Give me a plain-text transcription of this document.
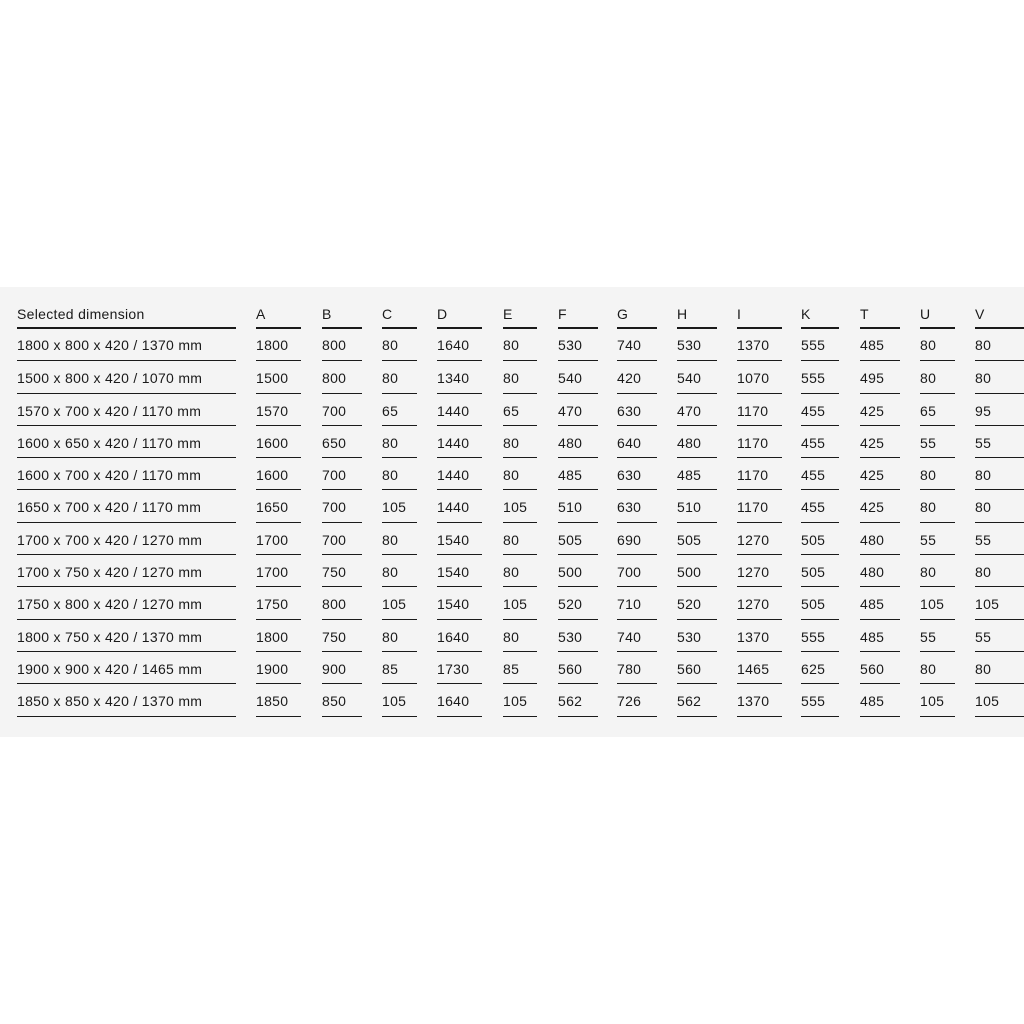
Selected dimension	A	B	C	D	E	F	G	H	I	K	T	U	V
1800 x 800 x 420 / 1370 mm	1800	800	80	1640	80	530	740	530	1370	555	485	80	80
1500 x 800 x 420 / 1070 mm	1500	800	80	1340	80	540	420	540	1070	555	495	80	80
1570 x 700 x 420 / 1170 mm	1570	700	65	1440	65	470	630	470	1170	455	425	65	95
1600 x 650 x 420 / 1170 mm	1600	650	80	1440	80	480	640	480	1170	455	425	55	55
1600 x 700 x 420 / 1170 mm	1600	700	80	1440	80	485	630	485	1170	455	425	80	80
1650 x 700 x 420 / 1170 mm	1650	700	105	1440	105	510	630	510	1170	455	425	80	80
1700 x 700 x 420 / 1270 mm	1700	700	80	1540	80	505	690	505	1270	505	480	55	55
1700 x 750 x 420 / 1270 mm	1700	750	80	1540	80	500	700	500	1270	505	480	80	80
1750 x 800 x 420 / 1270 mm	1750	800	105	1540	105	520	710	520	1270	505	485	105	105
1800 x 750 x 420 / 1370 mm	1800	750	80	1640	80	530	740	530	1370	555	485	55	55
1900 x 900 x 420 / 1465 mm	1900	900	85	1730	85	560	780	560	1465	625	560	80	80
1850 x 850 x 420 / 1370 mm	1850	850	105	1640	105	562	726	562	1370	555	485	105	105
